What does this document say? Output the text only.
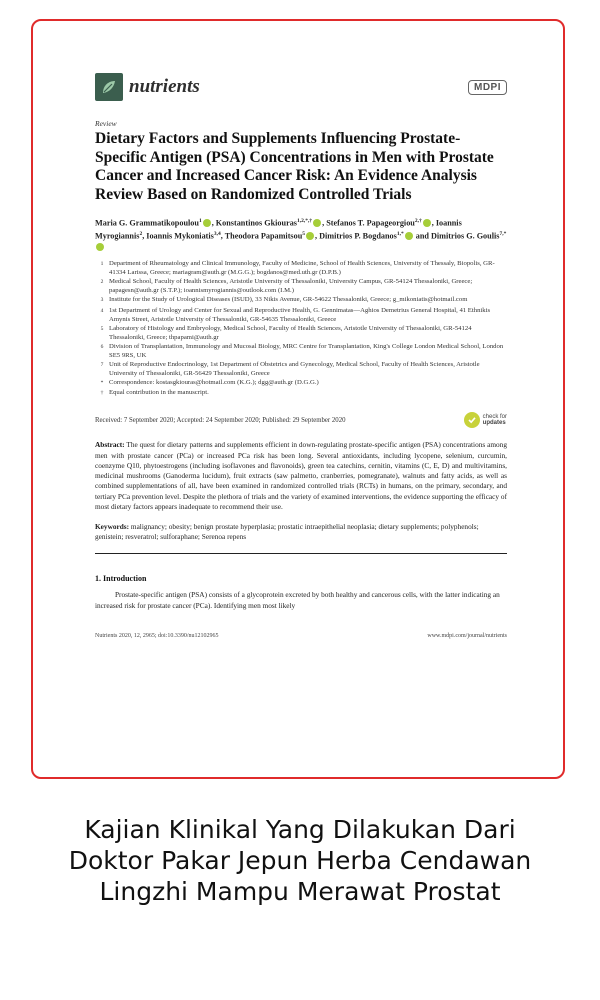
nutrients	MDPI
Review
Dietary Factors and Supplements Influencing Prostate-Specific Antigen (PSA) Concentrations in Men with Prostate Cancer and Increased Cancer Risk: An Evidence Analysis Review Based on Randomized Controlled Trials
Maria G. Grammatikopoulou$^1$ , Konstantinos Gkiouras$^{1,2,*,\dagger}$ , Stefanos T. Papageorgiou$^{2,\dagger}$ , Ioannis Myrogiannis$^2$, Ioannis Mykoniatis$^{3,4}$, Theodora Papamitsou$^5$ , Dimitrios P. Bogdanos$^{1,*}$ and Dimitrios G. Goulis$^{7,*}$
1 Department of Rheumatology and Clinical Immunology, Faculty of Medicine, School of Health Sciences, University of Thessaly, Biopolis, GR-41334 Larissa, Greece; mariagram@auth.gr (M.G.G.); bogdanos@med.uth.gr (D.P.B.)
2 Medical School, Faculty of Health Sciences, Aristotle University of Thessaloniki, University Campus, GR-54124 Thessaloniki, Greece; papagesn@auth.gr (S.T.P.); ioannismyrogiannis@outlook.com (I.M.)
3 Institute for the Study of Urological Diseases (ISUD), 33 Nikis Avenue, GR-54622 Thessaloniki, Greece; g_mikoniatis@hotmail.com
4 1st Department of Urology and Center for Sexual and Reproductive Health, G. Gennimatas—Aghios Demetrius General Hospital, 41 Ethnikis Amynis Street, Aristotle University of Thessaloniki, GR-54635 Thessaloniki, Greece
5 Laboratory of Histology and Embryology, Medical School, Faculty of Health Sciences, Aristotle University of Thessaloniki, GR-54124 Thessaloniki, Greece; thpapami@auth.gr
6 Division of Transplantation, Immunology and Mucosal Biology, MRC Centre for Transplantation, King's College London Medical School, London SE5 9RS, UK
7 Unit of Reproductive Endocrinology, 1st Department of Obstetrics and Gynecology, Medical School, Faculty of Health Sciences, Aristotle University of Thessaloniki, GR-56429 Thessaloniki, Greece
* Correspondence: kostasgkiouras@hotmail.com (K.G.); dgg@auth.gr (D.G.G.)
† Equal contribution in the manuscript.
Received: 7 September 2020; Accepted: 24 September 2020; Published: 29 September 2020	check for
updates
Abstract: The quest for dietary patterns and supplements efficient in down-regulating prostate-specific antigen (PSA) concentrations among men with prostate cancer (PCa) or increased PCa risk has been long. Several antioxidants, including lycopene, selenium, curcumin, coenzyme Q10, phytoestrogens (including isoflavones and flavonoids), green tea catechins, cernitin, vitamins (C, E, D) and multivitamins, medicinal mushrooms (Ganoderma lucidum), fruit extracts (saw palmetto, cranberries, pomegranate), walnuts and fatty acids, as well as combined supplementations of all, have been examined in randomized controlled trials (RCTs) in humans, on the primary, secondary, and tertiary PCa prevention level. Despite the plethora of trials and the variety of examined interventions, the evidence supporting the efficacy of most dietary factors appears inadequate to recommend their use.
Keywords: malignancy; obesity; benign prostate hyperplasia; prostatic intraepithelial neoplasia; dietary supplements; polyphenols; genistein; resveratrol; sulforaphane; Serenoa repens
1. Introduction
Prostate-specific antigen (PSA) consists of a glycoprotein excreted by both healthy and cancerous cells, with the latter indicating an increased risk for prostate cancer (PCa). Identifying men most likely
Nutrients 2020, 12, 2965; doi:10.3390/nu12102965	www.mdpi.com/journal/nutrients
Kajian Klinikal Yang Dilakukan Dari Doktor Pakar Jepun Herba Cendawan Lingzhi Mampu Merawat Prostat
